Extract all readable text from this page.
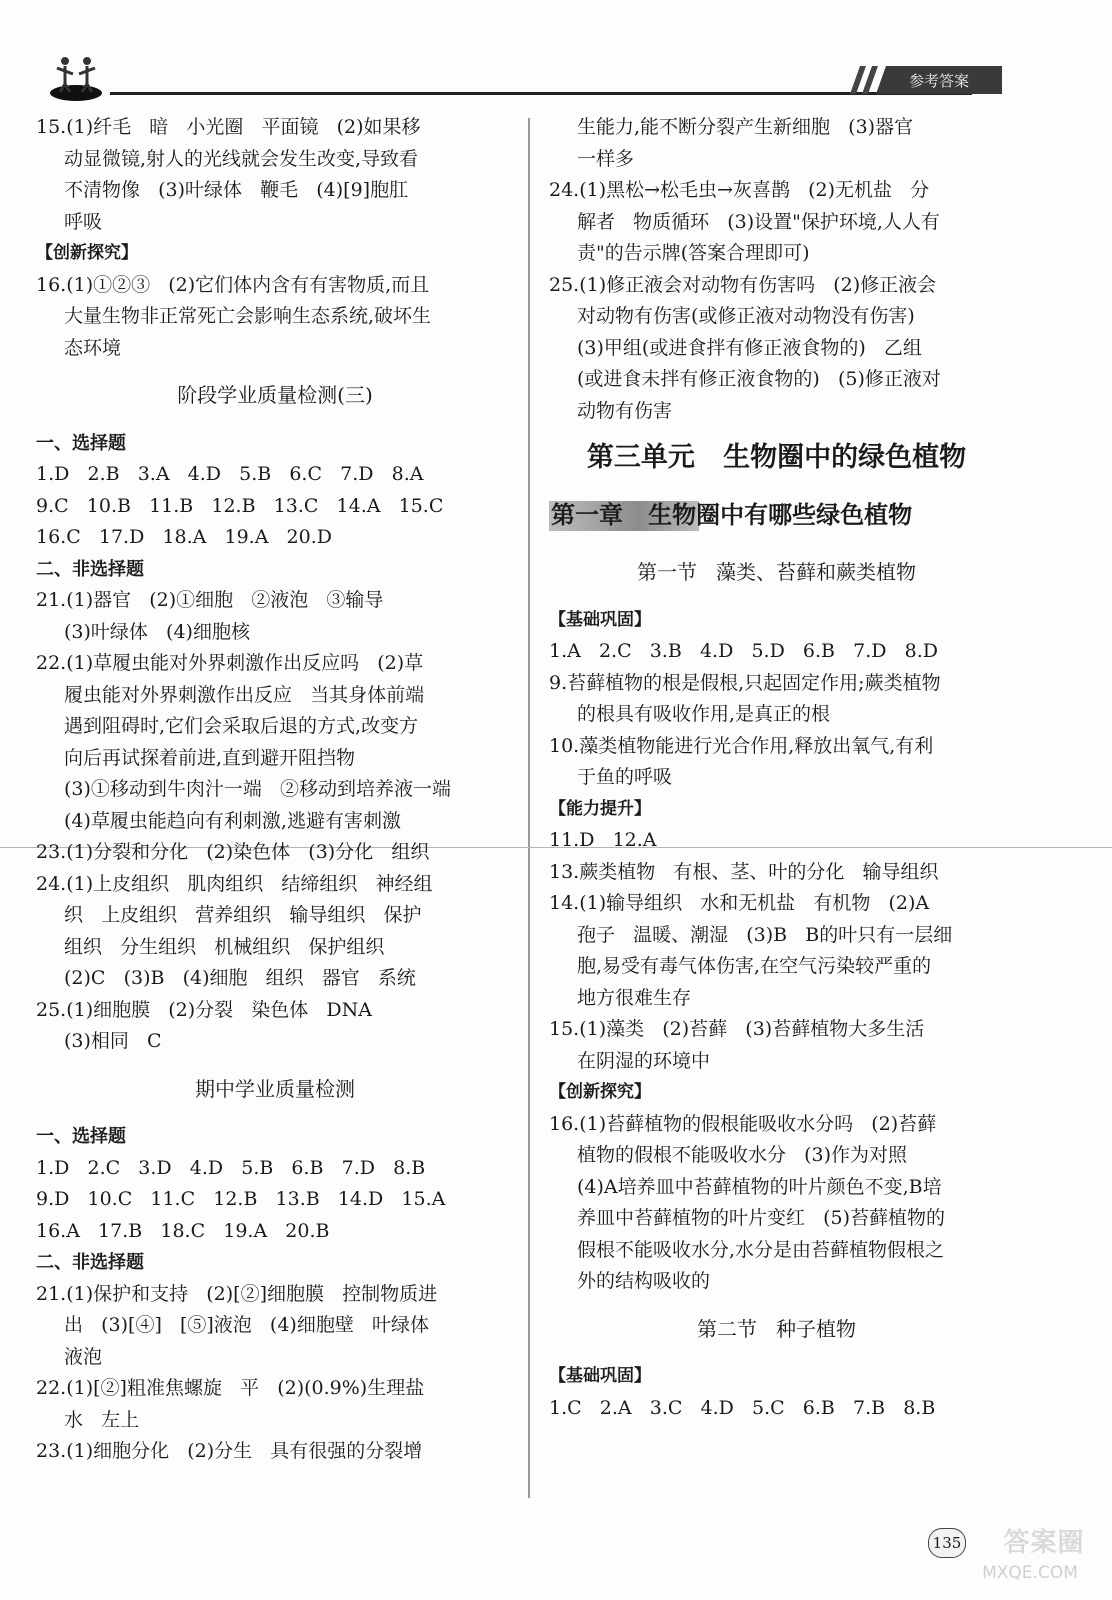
参考答案
15.(1)纤毛   暗   小光圈   平面镜   (2)如果移
动显微镜,射人的光线就会发生改变,导致看
不清物像   (3)叶绿体   鞭毛   (4)[9]胞肛
呼吸
【创新探究】
16.(1)①②③   (2)它们体内含有有害物质,而且
大量生物非正常死亡会影响生态系统,破坏生
态环境
阶段学业质量检测(三)
一、选择题
1.D   2.B   3.A   4.D   5.B   6.C   7.D   8.A
9.C   10.B   11.B   12.B   13.C   14.A   15.C
16.C   17.D   18.A   19.A   20.D
二、非选择题
21.(1)器官   (2)①细胞   ②液泡   ③输导
(3)叶绿体   (4)细胞核
22.(1)草履虫能对外界刺激作出反应吗   (2)草
履虫能对外界刺激作出反应   当其身体前端
遇到阻碍时,它们会采取后退的方式,改变方
向后再试探着前进,直到避开阻挡物
(3)①移动到牛肉汁一端   ②移动到培养液一端
(4)草履虫能趋向有利刺激,逃避有害刺激
23.(1)分裂和分化   (2)染色体   (3)分化   组织
24.(1)上皮组织   肌肉组织   结缔组织   神经组
织   上皮组织   营养组织   输导组织   保护
组织   分生组织   机械组织   保护组织
(2)C   (3)B   (4)细胞   组织   器官   系统
25.(1)细胞膜   (2)分裂   染色体   DNA
(3)相同   C
期中学业质量检测
一、选择题
1.D   2.C   3.D   4.D   5.B   6.B   7.D   8.B
9.D   10.C   11.C   12.B   13.B   14.D   15.A
16.A   17.B   18.C   19.A   20.B
二、非选择题
21.(1)保护和支持   (2)[②]细胞膜   控制物质进
出   (3)[④]   [⑤]液泡   (4)细胞壁   叶绿体
液泡
22.(1)[②]粗准焦螺旋   平   (2)(0.9%)生理盐
水   左上
23.(1)细胞分化   (2)分生   具有很强的分裂增
生能力,能不断分裂产生新细胞   (3)器官
一样多
24.(1)黑松→松毛虫→灰喜鹊   (2)无机盐   分
解者   物质循环   (3)设置"保护环境,人人有
责"的告示牌(答案合理即可)
25.(1)修正液会对动物有伤害吗   (2)修正液会
对动物有伤害(或修正液对动物没有伤害)
(3)甲组(或进食拌有修正液食物的)   乙组
(或进食未拌有修正液食物的)   (5)修正液对
动物有伤害
第三单元   生物圈中的绿色植物
第一章   生物圈中有哪些绿色植物
第一节   藻类、苔藓和蕨类植物
【基础巩固】
1.A   2.C   3.B   4.D   5.D   6.B   7.D   8.D
9.苔藓植物的根是假根,只起固定作用;蕨类植物
的根具有吸收作用,是真正的根
10.藻类植物能进行光合作用,释放出氧气,有利
于鱼的呼吸
【能力提升】
11.D   12.A
13.蕨类植物   有根、茎、叶的分化   输导组织
14.(1)输导组织   水和无机盐   有机物   (2)A
孢子   温暖、潮湿   (3)B   B的叶只有一层细
胞,易受有毒气体伤害,在空气污染较严重的
地方很难生存
15.(1)藻类   (2)苔藓   (3)苔藓植物大多生活
在阴湿的环境中
【创新探究】
16.(1)苔藓植物的假根能吸收水分吗   (2)苔藓
植物的假根不能吸收水分   (3)作为对照
(4)A培养皿中苔藓植物的叶片颜色不变,B培
养皿中苔藓植物的叶片变红   (5)苔藓植物的
假根不能吸收水分,水分是由苔藓植物假根之
外的结构吸收的
第二节   种子植物
【基础巩固】
1.C   2.A   3.C   4.D   5.C   6.B   7.B   8.B
135	答案圈
MXQE.COM
